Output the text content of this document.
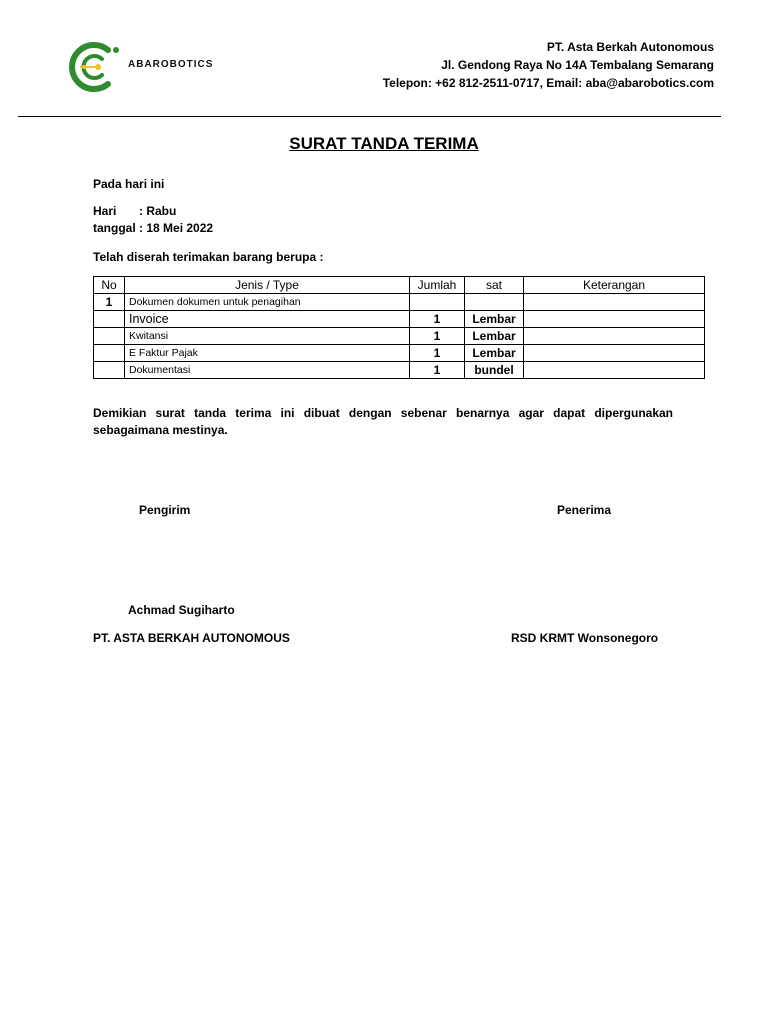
ABAROBOTICS
PT. Asta Berkah Autonomous
Jl. Gendong Raya No 14A Tembalang Semarang
Telepon: +62 812-2511-0717, Email: aba@abarobotics.com
SURAT TANDA TERIMA
Pada hari ini
Hari : Rabu
tanggal : 18 Mei 2022
Telah diserah terimakan barang berupa :
No	Jenis / Type	Jumlah	sat	Keterangan
1	Dokumen dokumen untuk penagihan			
	Invoice	1	Lembar	
	Kwitansi	1	Lembar	
	E Faktur Pajak	1	Lembar	
	Dokumentasi	1	bundel	
Demikian surat tanda terima ini dibuat dengan sebenar benarnya agar dapat dipergunakan sebagaimana mestinya.
Pengirim	Penerima
Achmad Sugiharto
PT. ASTA BERKAH AUTONOMOUS	RSD KRMT Wonsonegoro
